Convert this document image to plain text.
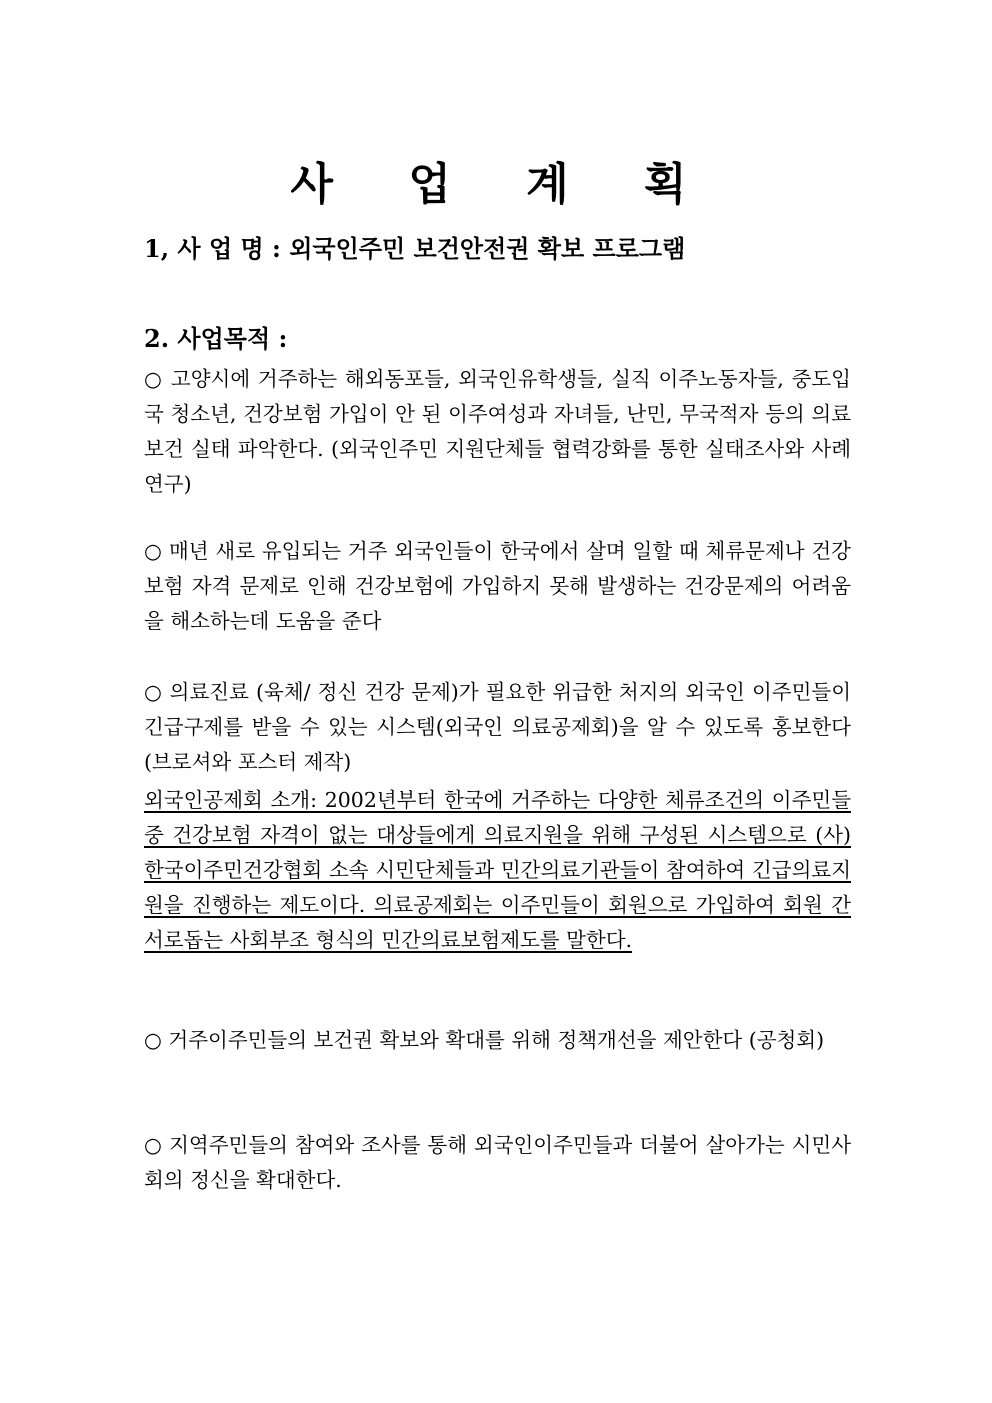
사 업 계 획
1, 사 업 명 : 외국인주민 보건안전권 확보 프로그램
2. 사업목적 :
○ 고양시에 거주하는 해외동포들, 외국인유학생들, 실직 이주노동자들, 중도입국 청소년, 건강보험 가입이 안 된 이주여성과 자녀들, 난민, 무국적자 등의 의료보건 실태 파악한다. (외국인주민 지원단체들 협력강화를 통한 실태조사와 사례연구)
○ 매년 새로 유입되는 거주 외국인들이 한국에서 살며 일할 때 체류문제나 건강보험 자격 문제로 인해 건강보험에 가입하지 못해 발생하는 건강문제의 어려움을 해소하는데 도움을 준다
○ 의료진료 (육체/ 정신 건강 문제)가 필요한 위급한 처지의 외국인 이주민들이 긴급구제를 받을 수 있는 시스템(외국인 의료공제회)을 알 수 있도록 홍보한다 (브로셔와 포스터 제작)
외국인공제회 소개: 2002년부터 한국에 거주하는 다양한 체류조건의 이주민들 중 건강보험 자격이 없는 대상들에게 의료지원을 위해 구성된 시스템으로 (사)한국이주민건강협회 소속 시민단체들과 민간의료기관들이 참여하여 긴급의료지원을 진행하는 제도이다. 의료공제회는 이주민들이 회원으로 가입하여 회원 간 서로돕는 사회부조 형식의 민간의료보험제도를 말한다.
○ 거주이주민들의 보건권 확보와 확대를 위해 정책개선을 제안한다 (공청회)
○ 지역주민들의 참여와 조사를 통해 외국인이주민들과 더불어 살아가는 시민사회의 정신을 확대한다.
